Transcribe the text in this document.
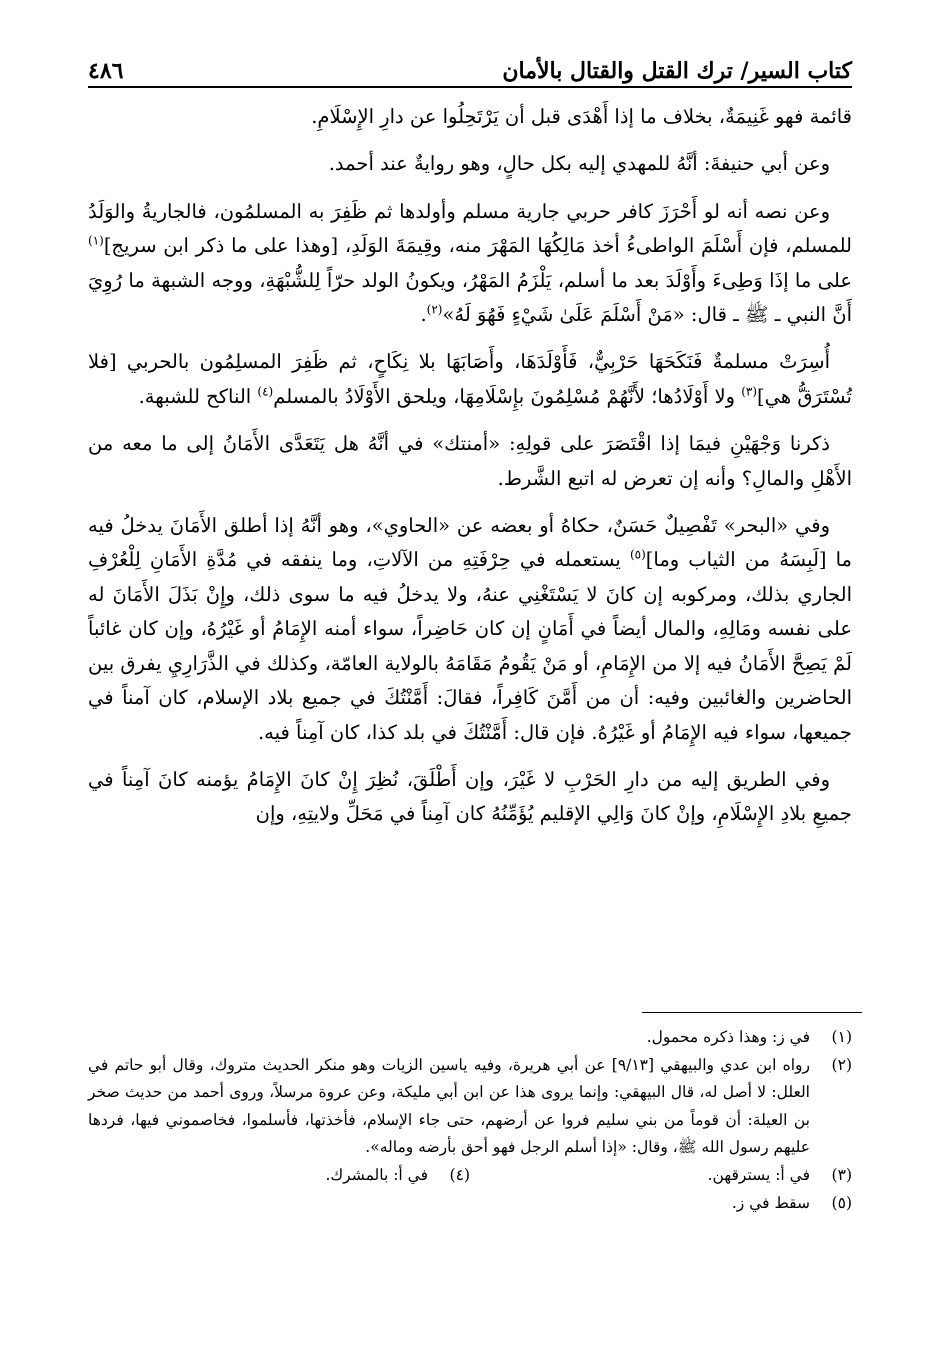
كتاب السير/ ترك القتل والقتال بالأمان
٤٨٦

قائمة فهو غَنِيمَةٌ، بخلاف ما إذا أَهْدَى قبل أن يَرْتَحِلُوا عن دارِ الإِسْلَامِ.

وعن أبي حنيفةَ: أنَّهُ للمهدي إليه بكل حالٍ، وهو روايةٌ عند أحمد.

وعن نصه أنه لو أَحْرَزَ كافر حربي جارية مسلم وأولدها ثم ظَفِرَ به المسلمُون، فالجاريةُ والوَلَدُ للمسلم، فإن أَسْلَمَ الواطىءُ أخذ مَالِكُهَا المَهْرَ منه، وقِيمَةَ الوَلَدِ، [وهذا على ما ذكر ابن سريج]$^{(١)}$ على ما إذَا وَطِىءَ وأَوْلَدَ بعد ما أسلم، يَلْزَمُ المَهْرُ، ويكونُ الولد حرّاً لِلشُّبْهَةِ، ووجه الشبهة ما رُوِيَ أَنَّ النبي ـ ﷺ ـ قال: «مَنْ أَسْلَمَ عَلَىٰ شَيْءٍ فَهُوَ لَهُ»$^{(٢)}$.

أُسِرَتْ مسلمةٌ فَنَكَحَهَا حَرْبِيٌّ، فَأَوْلَدَهَا، وأَصَابَهَا بلا نِكَاحٍ، ثم ظَفِرَ المسلِمُون بالحربي [فلا تُسْتَرَقُّ هي]$^{(٣)}$ ولا أَوْلَادُها؛ لأَنَّهُمْ مُسْلِمُونَ بإِسْلَامِهَا، ويلحق الأَوْلَادُ بالمسلم$^{(٤)}$ الناكح للشبهة.

ذكرنا وَجْهَيْنِ فيمَا إذا اقْتَصَرَ على قولِهِ: «أمنتك» في أنَّهُ هل يَتَعَدَّى الأَمَانُ إلى ما معه من الأَهْلِ والمالِ؟ وأنه إن تعرض له اتبع الشَّرط.

وفي «البحر» تَفْصِيلٌ حَسَنٌ، حكاهُ أو بعضه عن «الحاوي»، وهو أنَّهُ إذا أطلق الأَمَانَ يدخلُ فيه ما [لَبِسَهُ من الثياب وما]$^{(٥)}$ يستعمله في حِرْفَتِهِ من الآلاتِ، وما ينفقه في مُدَّةِ الأَمَانِ لِلْعُرْفِ الجاري بذلك، ومركوبه إن كانَ لا يَسْتَغْنِي عنهُ، ولا يدخلُ فيه ما سوى ذلك، وإِنْ بَذَلَ الأَمَانَ له على نفسه ومَالِهِ، والمال أيضاً في أَمَانٍ إن كان حَاضِراً، سواء أمنه الإِمَامُ أو غَيْرُهُ، وإن كان غائباً لَمْ يَصِحَّ الأَمَانُ فيه إلا من الإِمَامِ، أو مَنْ يَقُومُ مَقَامَهُ بالولاية العامّة، وكذلك في الذَّرَارِيِ يفرق بين الحاضرين والغائبين وفيه: أن من أَمَّنَ كَافِراً، فقالَ: أَمَّنْتُكَ في جميع بلاد الإسلام، كان آمناً في جميعها، سواء فيه الإِمَامُ أو غَيْرُهُ. فإن قال: أَمَّنْتُكَ في بلد كذا، كان آمِناً فيه.

وفي الطريق إليه من دارِ الحَرْبِ لا غَيْرَ، وإن أَطْلَقَ، نُظِرَ إِنْ كانَ الإِمَامُ يؤمنه كانَ آمِناً في جميعِ بلادِ الإِسْلَامِ، وإنْ كانَ وَالِي الإقليم يُؤَمِّنُهُ كان آمِناً في مَحَلِّ ولايتِهِ، وإن

(١)
في ز: وهذا ذكره محمول.
(٢)
رواه ابن عدي والبيهقي [٩/١٣] عن أبي هريرة، وفيه ياسين الزيات وهو منكر الحديث متروك، وقال أبو حاتم في العلل: لا أصل له، قال البيهقي: وإنما يروى هذا عن ابن أبي مليكة، وعن عروة مرسلاً، وروى أحمد من حديث صخر بن العيلة: أن قوماً من بني سليم فروا عن أرضهم، حتى جاء الإسلام، فأخذتها، فأسلموا، فخاصموني فيها، فردها عليهم رسول الله ﷺ، وقال: «إذا أسلم الرجل فهو أحق بأرضه وماله».
(٣)
في أ: يسترقهن.
(٤)
في أ: بالمشرك.
(٥)
سقط في ز.
